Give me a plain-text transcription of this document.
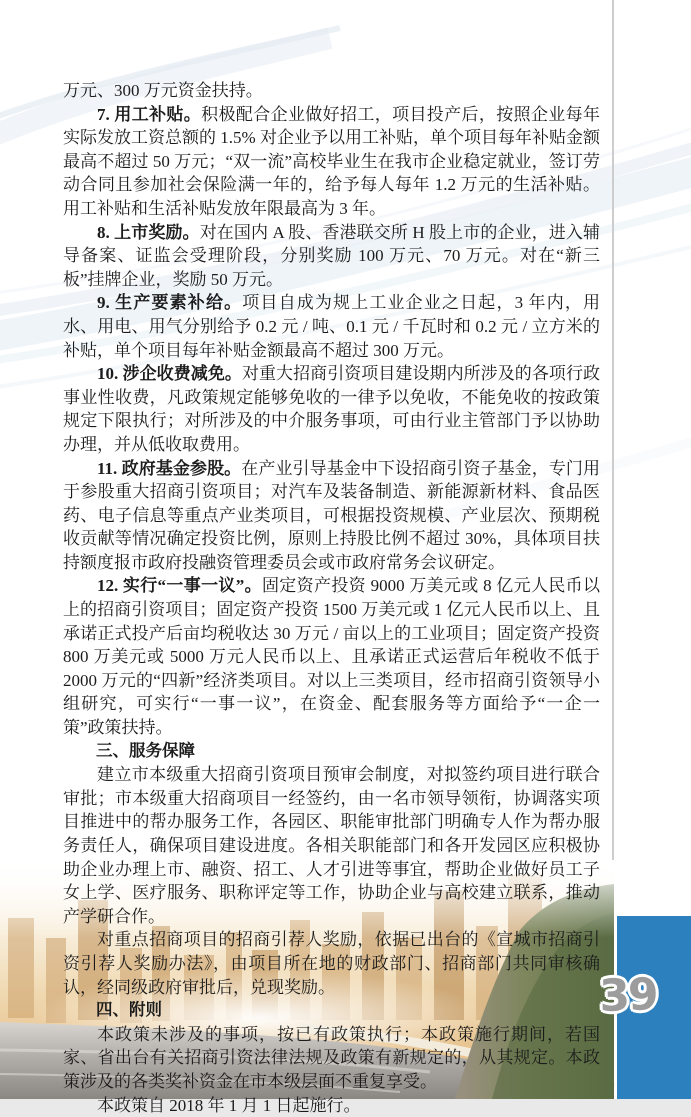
39

万元、300 万元资金扶持。

7. 用工补贴。积极配合企业做好招工，项目投产后，按照企业每年实际发放工资总额的 1.5% 对企业予以用工补贴，单个项目每年补贴金额最高不超过 50 万元；“双一流”高校毕业生在我市企业稳定就业，签订劳动合同且参加社会保险满一年的，给予每人每年 1.2 万元的生活补贴。用工补贴和生活补贴发放年限最高为 3 年。

8. 上市奖励。对在国内 A 股、香港联交所 H 股上市的企业，进入辅导备案、证监会受理阶段，分别奖励 100 万元、70 万元。对在“新三板”挂牌企业，奖励 50 万元。

9. 生产要素补给。项目自成为规上工业企业之日起，3 年内，用水、用电、用气分别给予 0.2 元 / 吨、0.1 元 / 千瓦时和 0.2 元 / 立方米的补贴，单个项目每年补贴金额最高不超过 300 万元。

10. 涉企收费减免。对重大招商引资项目建设期内所涉及的各项行政事业性收费，凡政策规定能够免收的一律予以免收，不能免收的按政策规定下限执行；对所涉及的中介服务事项，可由行业主管部门予以协助办理，并从低收取费用。

11. 政府基金参股。在产业引导基金中下设招商引资子基金，专门用于参股重大招商引资项目；对汽车及装备制造、新能源新材料、食品医药、电子信息等重点产业类项目，可根据投资规模、产业层次、预期税收贡献等情况确定投资比例，原则上持股比例不超过 30%，具体项目扶持额度报市政府投融资管理委员会或市政府常务会议研定。

12. 实行“一事一议”。固定资产投资 9000 万美元或 8 亿元人民币以上的招商引资项目；固定资产投资 1500 万美元或 1 亿元人民币以上、且承诺正式投产后亩均税收达 30 万元 / 亩以上的工业项目；固定资产投资 800 万美元或 5000 万元人民币以上、且承诺正式运营后年税收不低于 2000 万元的“四新”经济类项目。对以上三类项目，经市招商引资领导小组研究，可实行“一事一议”，在资金、配套服务等方面给予“一企一策”政策扶持。

三、服务保障

建立市本级重大招商引资项目预审会制度，对拟签约项目进行联合审批；市本级重大招商项目一经签约，由一名市领导领衔，协调落实项目推进中的帮办服务工作，各园区、职能审批部门明确专人作为帮办服务责任人，确保项目建设进度。各相关职能部门和各开发园区应积极协助企业办理上市、融资、招工、人才引进等事宜，帮助企业做好员工子女上学、医疗服务、职称评定等工作，协助企业与高校建立联系，推动产学研合作。

对重点招商项目的招商引荐人奖励，依据已出台的《宣城市招商引资引荐人奖励办法》，由项目所在地的财政部门、招商部门共同审核确认，经同级政府审批后，兑现奖励。

四、附则

本政策未涉及的事项，按已有政策执行；本政策施行期间，若国家、省出台有关招商引资法律法规及政策有新规定的，从其规定。本政策涉及的各类奖补资金在市本级层面不重复享受。

本政策自 2018 年 1 月 1 日起施行。
